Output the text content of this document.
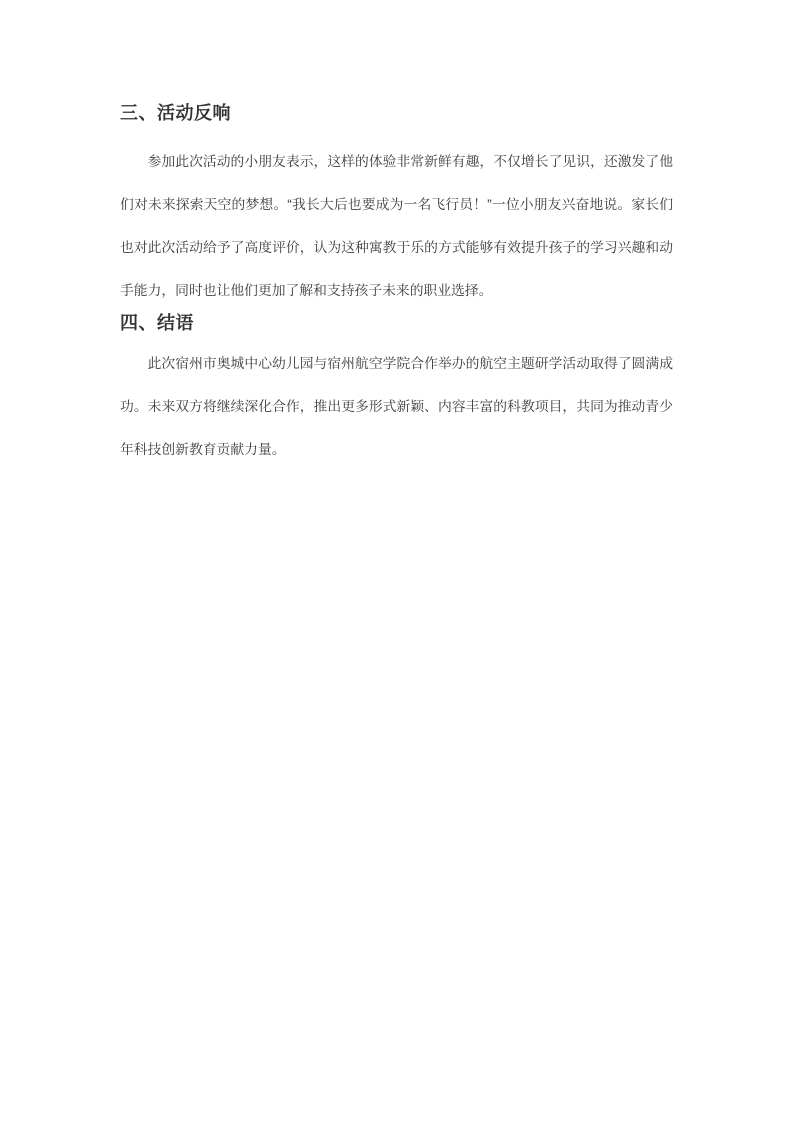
三、活动反响

参加此次活动的小朋友表示，这样的体验非常新鲜有趣，不仅增长了见识，还激发了他们对未来探索天空的梦想。“我长大后也要成为一名飞行员！”一位小朋友兴奋地说。家长们也对此次活动给予了高度评价，认为这种寓教于乐的方式能够有效提升孩子的学习兴趣和动手能力，同时也让他们更加了解和支持孩子未来的职业选择。

四、结语

此次宿州市奥城中心幼儿园与宿州航空学院合作举办的航空主题研学活动取得了圆满成功。未来双方将继续深化合作，推出更多形式新颖、内容丰富的科教项目，共同为推动青少年科技创新教育贡献力量。
